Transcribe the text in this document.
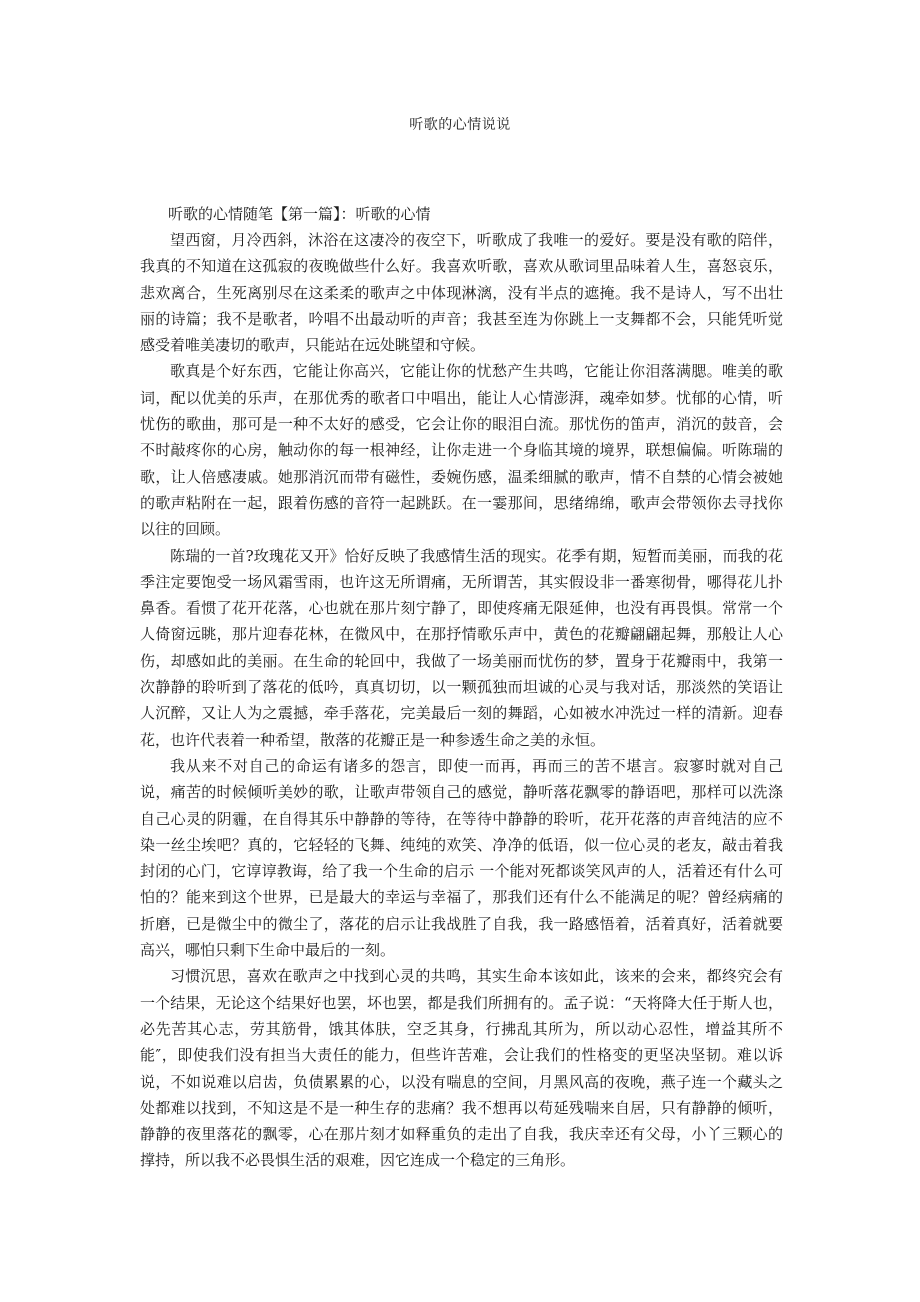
听歌的心情说说
听歌的心情随笔【第一篇】：听歌的心情

望西窗，月冷西斜，沐浴在这凄冷的夜空下，听歌成了我唯一的爱好。要是没有歌的陪伴，我真的不知道在这孤寂的夜晚做些什么好。我喜欢听歌，喜欢从歌词里品味着人生，喜怒哀乐，悲欢离合，生死离别尽在这柔柔的歌声之中体现淋漓，没有半点的遮掩。我不是诗人，写不出壮丽的诗篇；我不是歌者，吟唱不出最动听的声音；我甚至连为你跳上一支舞都不会，只能凭听觉感受着唯美凄切的歌声，只能站在远处眺望和守候。

歌真是个好东西，它能让你高兴，它能让你的忧愁产生共鸣，它能让你泪落满腮。唯美的歌词，配以优美的乐声，在那优秀的歌者口中唱出，能让人心情澎湃，魂牵如梦。忧郁的心情，听忧伤的歌曲，那可是一种不太好的感受，它会让你的眼泪白流。那忧伤的笛声，消沉的鼓音，会不时敲疼你的心房，触动你的每一根神经，让你走进一个身临其境的境界，联想偏偏。听陈瑞的歌，让人倍感凄戚。她那消沉而带有磁性，委婉伤感，温柔细腻的歌声，情不自禁的心情会被她的歌声粘附在一起，跟着伤感的音符一起跳跃。在一霎那间，思绪绵绵，歌声会带领你去寻找你以往的回顾。

陈瑞的一首?玫瑰花又开》恰好反映了我感情生活的现实。花季有期，短暂而美丽，而我的花季注定要饱受一场风霜雪雨，也许这无所谓痛，无所谓苦，其实假设非一番寒彻骨，哪得花儿扑鼻香。看惯了花开花落，心也就在那片刻宁静了，即使疼痛无限延伸，也没有再畏惧。常常一个人倚窗远眺，那片迎春花林，在微风中，在那抒情歌乐声中，黄色的花瓣翩翩起舞，那般让人心伤，却感如此的美丽。在生命的轮回中，我做了一场美丽而忧伤的梦，置身于花瓣雨中，我第一次静静的聆听到了落花的低吟，真真切切，以一颗孤独而坦诚的心灵与我对话，那淡然的笑语让人沉醉，又让人为之震撼，牵手落花，完美最后一刻的舞蹈，心如被水冲洗过一样的清新。迎春花，也许代表着一种希望，散落的花瓣正是一种参透生命之美的永恒。

我从来不对自己的命运有诸多的怨言，即使一而再，再而三的苦不堪言。寂寥时就对自己说，痛苦的时候倾听美妙的歌，让歌声带领自己的感觉，静听落花飘零的静语吧，那样可以洗涤自己心灵的阴霾，在自得其乐中静静的等待，在等待中静静的聆听，花开花落的声音纯洁的应不染一丝尘埃吧？真的，它轻轻的飞舞、纯纯的欢笑、净净的低语，似一位心灵的老友，敲击着我封闭的心门，它谆谆教诲，给了我一个生命的启示 一个能对死都谈笑风声的人，活着还有什么可怕的？能来到这个世界，已是最大的幸运与幸福了，那我们还有什么不能满足的呢？曾经病痛的折磨，已是微尘中的微尘了，落花的启示让我战胜了自我，我一路感悟着，活着真好，活着就要高兴，哪怕只剩下生命中最后的一刻。

习惯沉思，喜欢在歌声之中找到心灵的共鸣，其实生命本该如此，该来的会来，都终究会有一个结果，无论这个结果好也罢，坏也罢，都是我们所拥有的。孟子说：“天将降大任于斯人也，必先苦其心志，劳其筋骨，饿其体肤，空乏其身，行拂乱其所为，所以动心忍性，增益其所不能″，即使我们没有担当大责任的能力，但些许苦难，会让我们的性格变的更坚决坚韧。难以诉说，不如说难以启齿，负债累累的心，以没有喘息的空间，月黑风高的夜晚，燕子连一个藏头之处都难以找到，不知这是不是一种生存的悲痛？我不想再以苟延残喘来自居，只有静静的倾听，静静的夜里落花的飘零，心在那片刻才如释重负的走出了自我，我庆幸还有父母，小丫三颗心的撑持，所以我不必畏惧生活的艰难，因它连成一个稳定的三角形。
